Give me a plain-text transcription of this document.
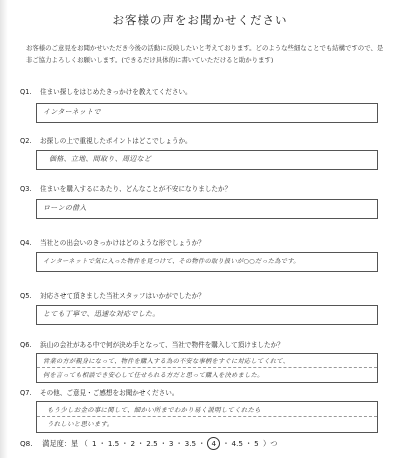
お客様の声をお聞かせください
お客様のご意見をお聞かせいただき今後の活動に反映したいと考えております。どのような些細なことでも結構ですので、是非ご協力よろしくお願いします。(できるだけ具体的に書いていただけると助かります)
Q1. 住まい探しをはじめたきっかけを教えてください。
インターネットで
Q2. お探しの上で重視したポイントはどこでしょうか。
価格、立地、間取り、周辺など
Q3. 住まいを購入するにあたり、どんなことが不安になりましたか？
ローンの借入
Q4. 当社との出会いのきっかけはどのような形でしょうか？
インターネットで気に入った物件を見つけて、その物件の取り扱いが○○だった為です。
Q5. 対応させて頂きました当社スタッフはいかがでしたか？
とても丁寧で、迅速な対応でした。
Q6. 浜山の会社がある中で何が決め手となって、当社で物件を購入して頂けましたか？
営業の方が親身になって、物件を購入する為の不安な事柄をすぐに対応してくれて、
何を言っても相談でき安心して任せられる方だと思って購入を決めました。
Q7. その他、ご意見・ご感想をお聞かせください。
もう少しお金の事に関して、細かい所までわかり易く説明してくれたら
うれしいと思います。
Q8. 満足度：星 （ 1 ・ 1.5 ・ 2 ・ 2.5 ・ 3 ・ 3.5 ・ 4 ・ 4.5 ・ 5 ）つ
